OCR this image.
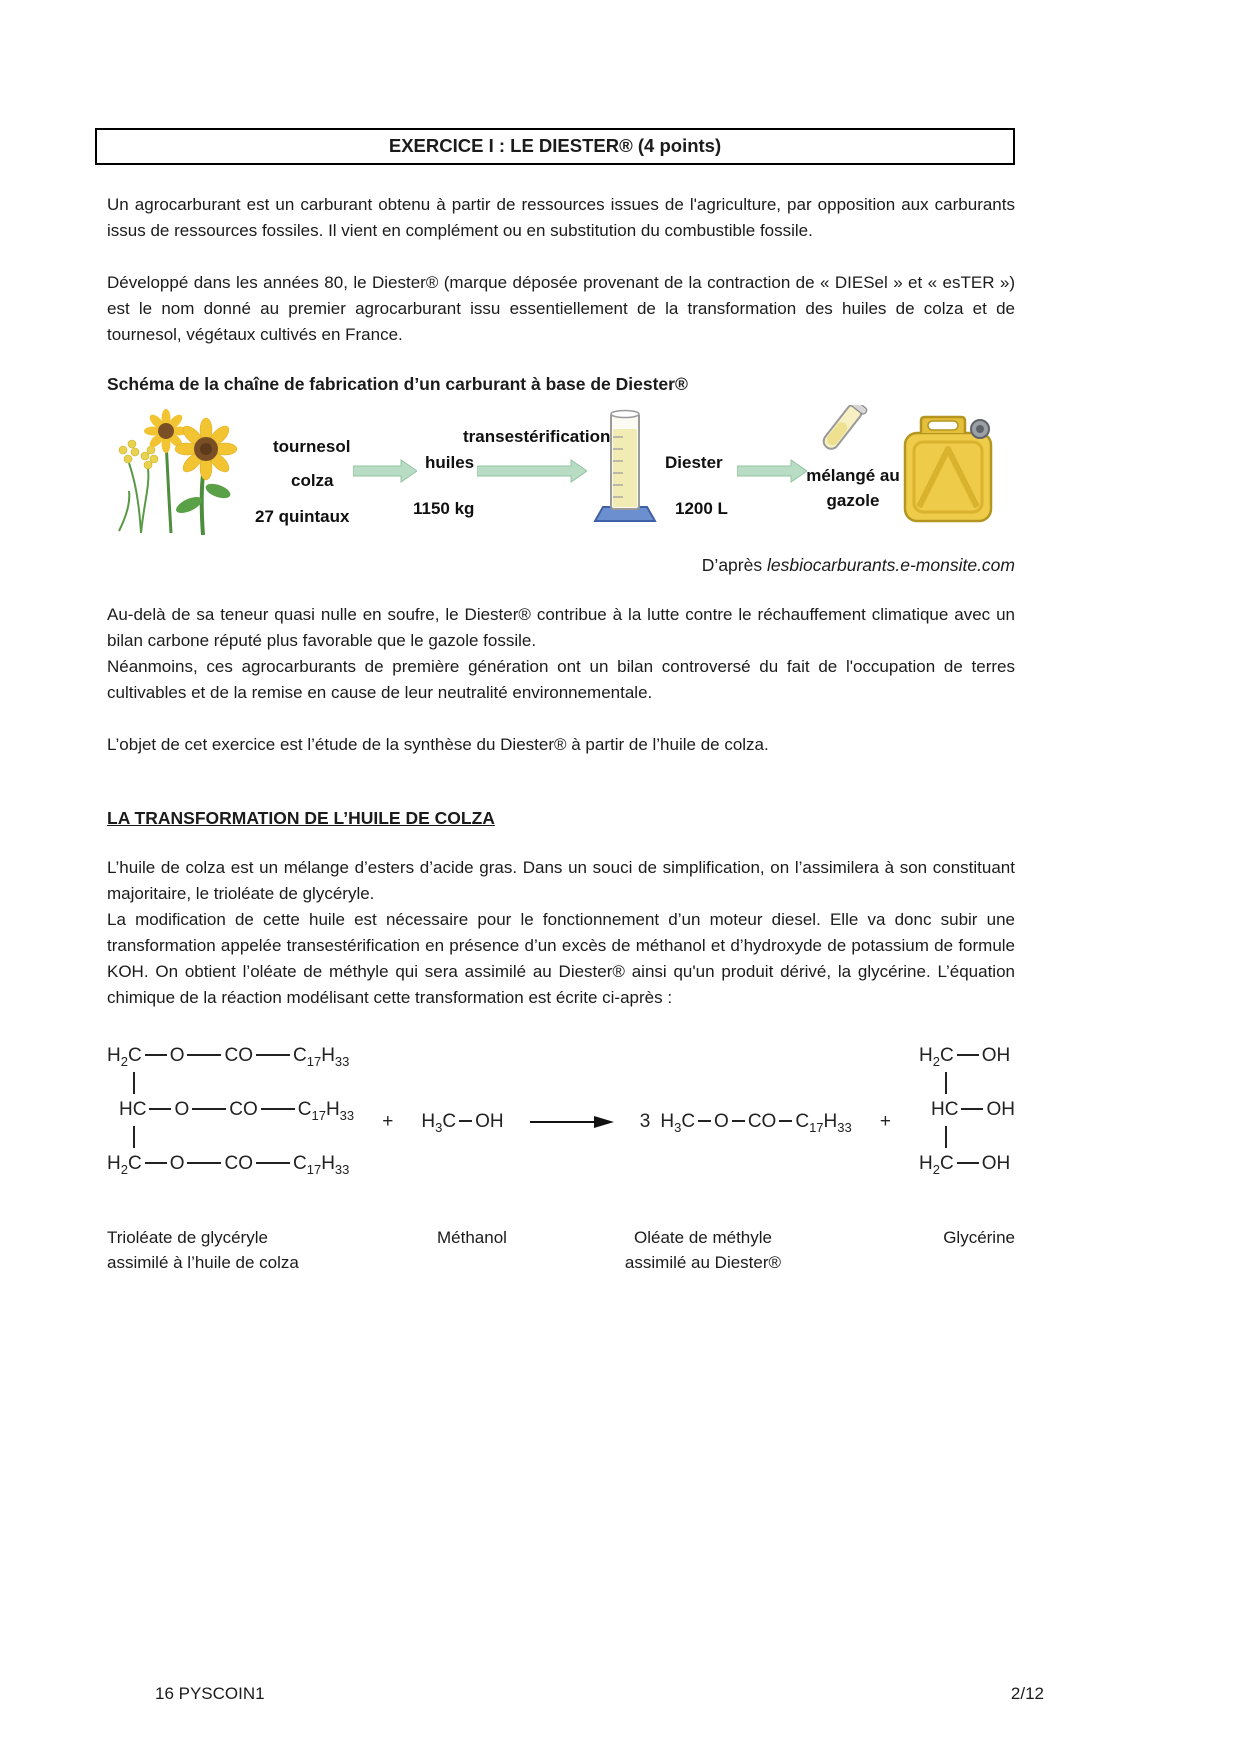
EXERCICE I : LE DIESTER® (4 points)

Un agrocarburant est un carburant obtenu à partir de ressources issues de l'agriculture, par opposition aux carburants issus de ressources fossiles. Il vient en complément ou en substitution du combustible fossile.

Développé dans les années 80, le Diester® (marque déposée provenant de la contraction de « DIESel » et « esTER ») est le nom donné au premier agrocarburant issu essentiellement de la transformation des huiles de colza et de tournesol, végétaux cultivés en France.

Schéma de la chaîne de fabrication d’un carburant à base de Diester®

tournesol
colza
27 quintaux
huiles
1150 kg
transestérification
Diester
1200 L
mélangé au
gazole
D’après lesbiocarburants.e-monsite.com
Au-delà de sa teneur quasi nulle en soufre, le Diester® contribue à la lutte contre le réchauffement climatique avec un bilan carbone réputé plus favorable que le gazole fossile.
Néanmoins, ces agrocarburants de première génération ont un bilan controversé du fait de l'occupation de terres cultivables et de la remise en cause de leur neutralité environnementale.

L’objet de cet exercice est l’étude de la synthèse du Diester® à partir de l’huile de colza.

LA TRANSFORMATION DE L’HUILE DE COLZA
L’huile de colza est un mélange d’esters d’acide gras. Dans un souci de simplification, on l’assimilera à son constituant majoritaire, le trioléate de glycéryle.
La modification de cette huile est nécessaire pour le fonctionnement d’un moteur diesel. Elle va donc subir une transformation appelée transestérification en présence d’un excès de méthanol et d’hydroxyde de potassium de formule KOH. On obtient l’oléate de méthyle qui sera assimilé au Diester® ainsi qu'un produit dérivé, la glycérine. L’équation chimique de la réaction modélisant cette transformation est écrite ci-après :
$H_2C$ O CO $C_{17}H_{33}$
HC O CO $C_{17}H_{33}$
$H_2C$ O CO $C_{17}H_{33}$
+ $H_3C$ OH	3 $H_3C$ O CO $C_{17}H_{33}$ +
$H_2C$ OH
HC OH
$H_2C$ OH
Trioléate de glycéryle
assimilé à l’huile de colza
Méthanol	Oléate de méthyle
assimilé au Diester®
Glycérine
16 PYSCOIN1	2/12
